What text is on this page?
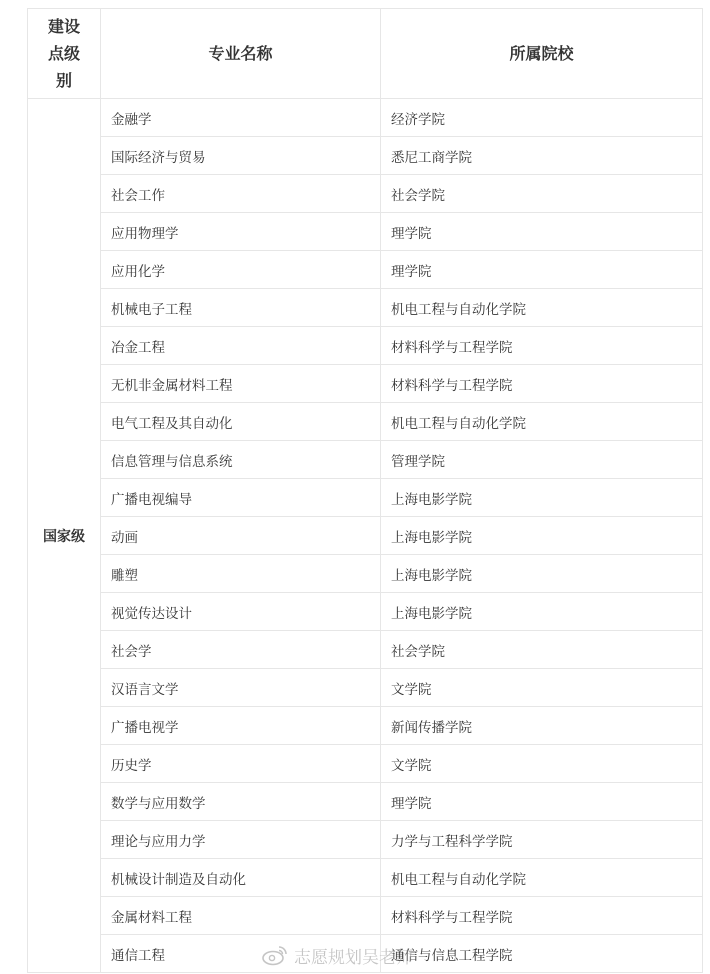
建设点级别	专业名称	所属院校
国家级	金融学	经济学院
	国际经济与贸易	悉尼工商学院
	社会工作	社会学院
	应用物理学	理学院
	应用化学	理学院
	机械电子工程	机电工程与自动化学院
	冶金工程	材料科学与工程学院
	无机非金属材料工程	材料科学与工程学院
	电气工程及其自动化	机电工程与自动化学院
	信息管理与信息系统	管理学院
	广播电视编导	上海电影学院
	动画	上海电影学院
	雕塑	上海电影学院
	视觉传达设计	上海电影学院
	社会学	社会学院
	汉语言文学	文学院
	广播电视学	新闻传播学院
	历史学	文学院
	数学与应用数学	理学院
	理论与应用力学	力学与工程科学学院
	机械设计制造及自动化	机电工程与自动化学院
	金属材料工程	材料科学与工程学院
	通信工程	通信与信息工程学院
志愿规划吴老师
